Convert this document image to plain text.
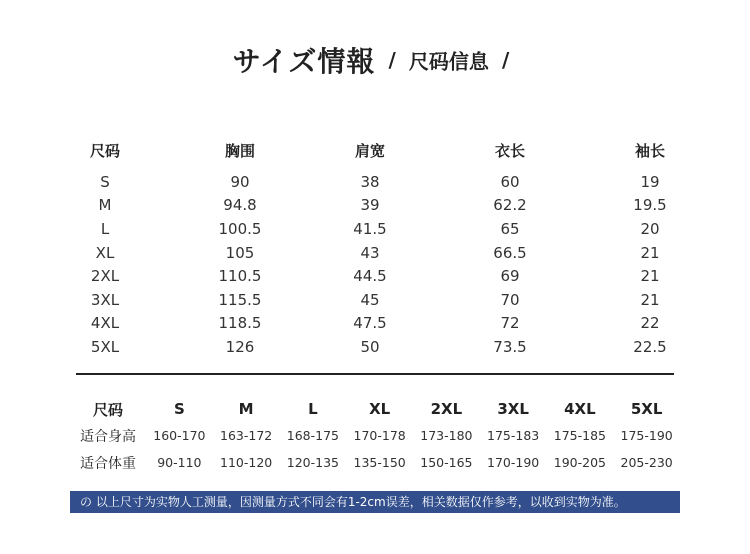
サイズ情報 / 尺码信息 /
尺码	胸围	肩宽	衣长	袖长
S	90	38	60	19
M	94.8	39	62.2	19.5
L	100.5	41.5	65	20
XL	105	43	66.5	21
2XL	110.5	44.5	69	21
3XL	115.5	45	70	21
4XL	118.5	47.5	72	22
5XL	126	50	73.5	22.5
尺码	S	M	L	XL	2XL	3XL	4XL	5XL
适合身高	160-170	163-172	168-175	170-178	173-180	175-183	175-185	175-190
适合体重	90-110	110-120	120-135	135-150	150-165	170-190	190-205	205-230
の 以上尺寸为实物人工测量，因测量方式不同会有1-2cm误差，相关数据仅作参考，以收到实物为准。
